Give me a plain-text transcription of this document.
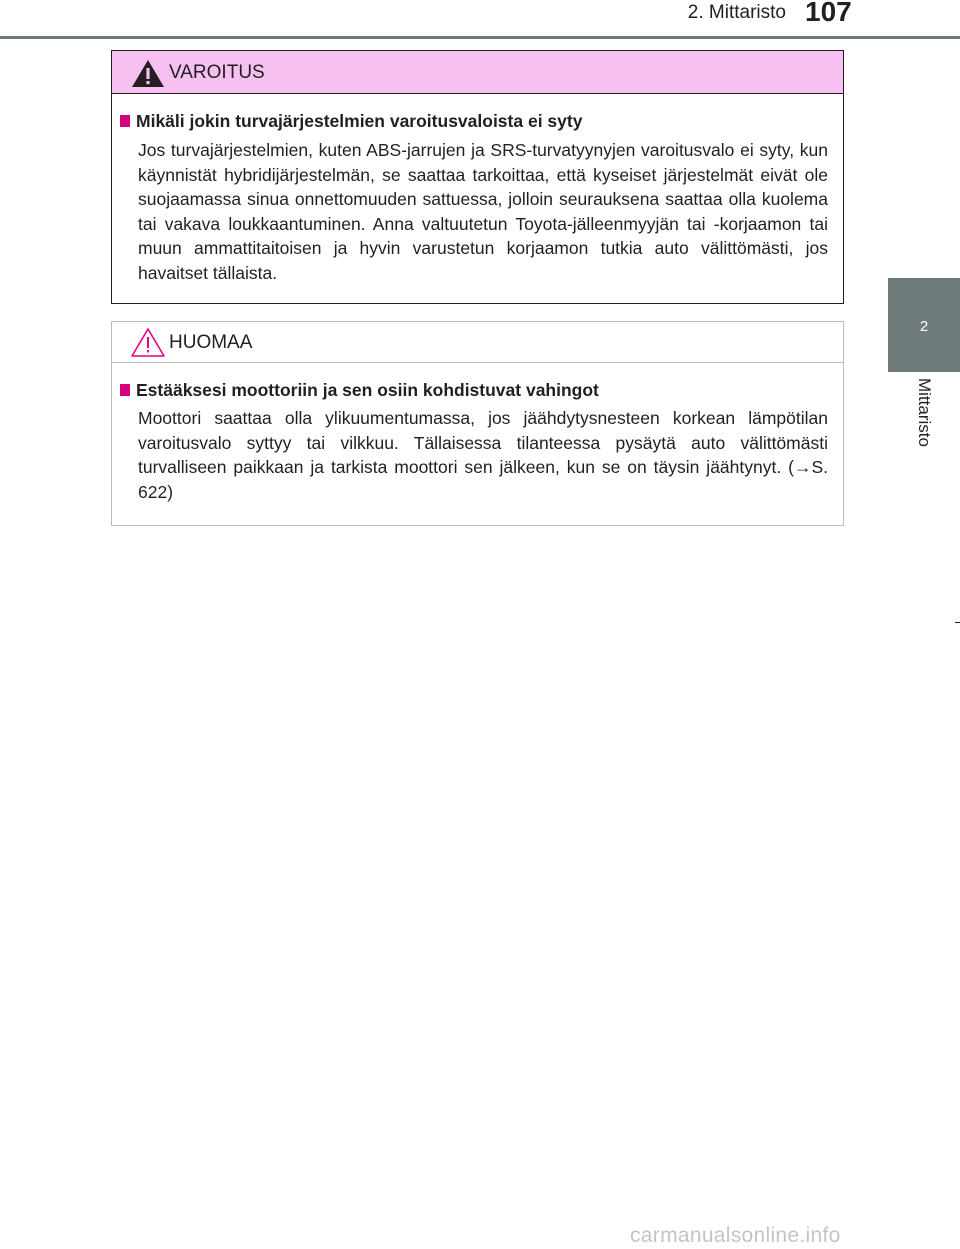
2. Mittaristo 107
2
Mittaristo
VAROITUS
Mikäli jokin turvajärjestelmien varoitusvaloista ei syty
Jos turvajärjestelmien, kuten ABS-jarrujen ja SRS-turvatyynyjen varoitusvalo ei syty, kun käynnistät hybridijärjestelmän, se saattaa tarkoittaa, että kyseiset järjestelmät eivät ole suojaamassa sinua onnettomuuden sattuessa, jolloin seurauksena saattaa olla kuolema tai vakava loukkaantuminen. Anna valtuutetun Toyota-jälleenmyyjän tai -korjaamon tai muun ammattitaitoisen ja hyvin varustetun korjaamon tutkia auto välittömästi, jos havaitset tällaista.
HUOMAA
Estääksesi moottoriin ja sen osiin kohdistuvat vahingot
Moottori saattaa olla ylikuumentumassa, jos jäähdytysnesteen korkean lämpötilan varoitusvalo syttyy tai vilkkuu. Tällaisessa tilanteessa pysäytä auto välittömästi turvalliseen paikkaan ja tarkista moottori sen jälkeen, kun se on täysin jäähtynyt. (→S. 622)
carmanualsonline.info
